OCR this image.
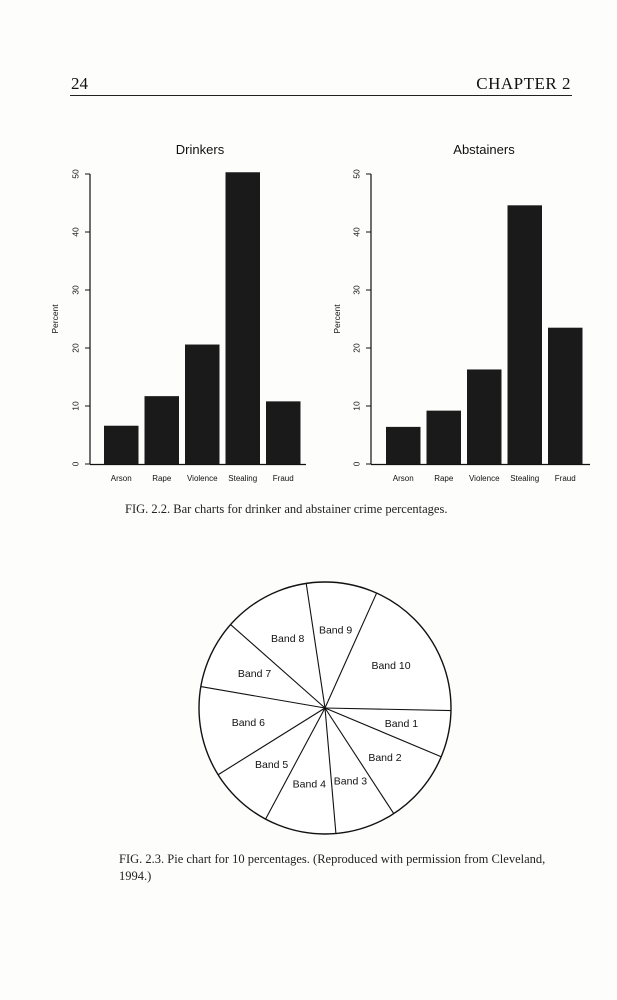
24	CHAPTER 2
Drinkers
0
10
20
30
40
50
Percent
Arson	Rape Violence Stealing Fraud
Abstainers
0
10
20
30
40
50
Percent
Arson	Rape Violence Stealing Fraud
Band 1
Band 2
Band 3
Band 4
Band 5
Band 6
Band 7
Band 8
Band 9
Band 10
FIG. 2.2. Bar charts for drinker and abstainer crime percentages.
FIG. 2.3. Pie chart for 10 percentages. (Reproduced with permission from Cleveland, 1994.)
